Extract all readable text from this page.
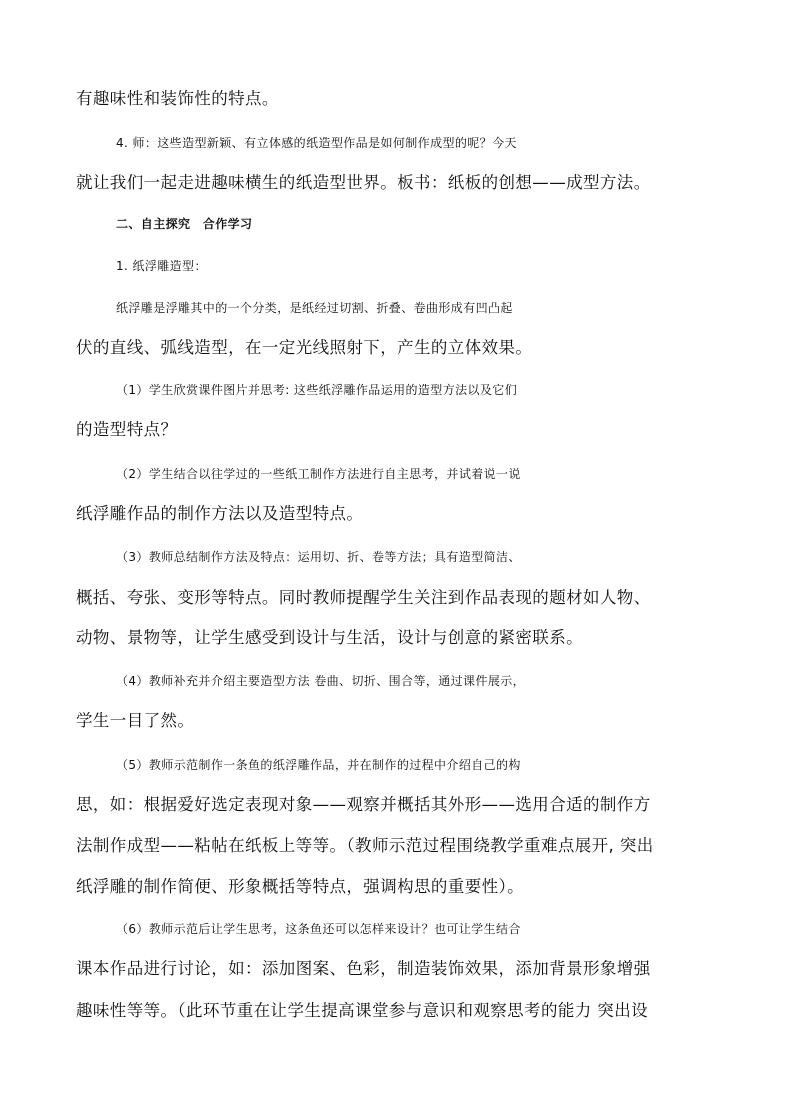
有趣味性和装饰性的特点。
4. 师：这些造型新颖、有立体感的纸造型作品是如何制作成型的呢？今天
就让我们一起走进趣味横生的纸造型世界。板书：纸板的创想——成型方法。
二、自主探究　合作学习
1. 纸浮雕造型：
纸浮雕是浮雕其中的一个分类，是纸经过切割、折叠、卷曲形成有凹凸起
伏的直线、弧线造型，在一定光线照射下，产生的立体效果。
（1）学生欣赏课件图片并思考: 这些纸浮雕作品运用的造型方法以及它们
的造型特点？
（2）学生结合以往学过的一些纸工制作方法进行自主思考，并试着说一说
纸浮雕作品的制作方法以及造型特点。
（3）教师总结制作方法及特点：运用切、折、卷等方法；具有造型简洁、
概括、夸张、变形等特点。同时教师提醒学生关注到作品表现的题材如人物、
动物、景物等，让学生感受到设计与生活，设计与创意的紧密联系。
（4）教师补充并介绍主要造型方法 卷曲、切折、围合等，通过课件展示，
学生一目了然。
（5）教师示范制作一条鱼的纸浮雕作品，并在制作的过程中介绍自己的构
思，如：根据爱好选定表现对象——观察并概括其外形——选用合适的制作方
法制作成型——粘帖在纸板上等等。（教师示范过程围绕教学重难点展开, 突出
纸浮雕的制作简便、形象概括等特点，强调构思的重要性）。
（6）教师示范后让学生思考，这条鱼还可以怎样来设计？也可让学生结合
课本作品进行讨论，如：添加图案、色彩，制造装饰效果，添加背景形象增强
趣味性等等。（此环节重在让学生提高课堂参与意识和观察思考的能力 突出设
